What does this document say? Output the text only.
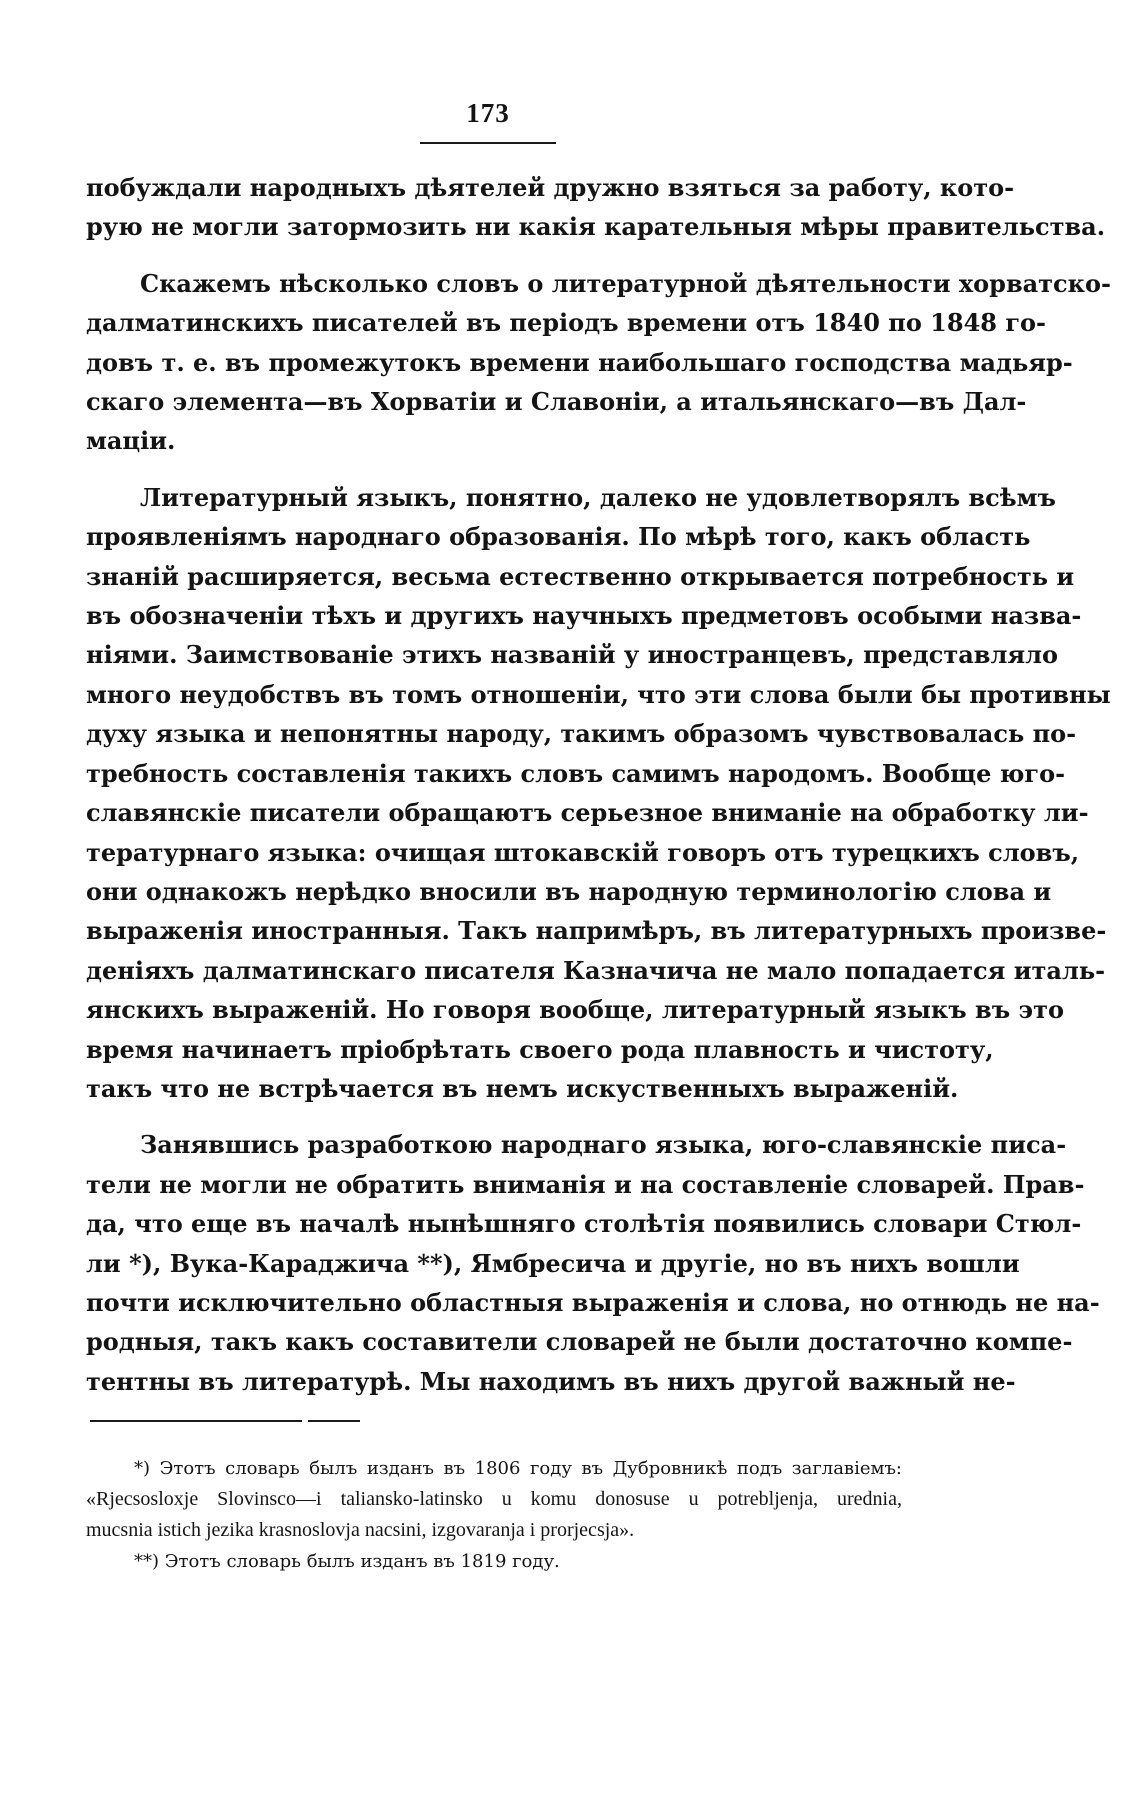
173

побуждали народныхъ дѣятелей дружно взяться за работу, кото-
рую не могли затормозить ни какія карательныя мѣры правительства.

Скажемъ нѣсколько словъ о литературной дѣятельности хорватско-
далматинскихъ писателей въ періодъ времени отъ 1840 по 1848 го-
довъ т. е. въ промежутокъ времени наибольшаго господства мадьяр-
скаго элемента—въ Хорватіи и Славоніи, а итальянскаго—въ Дал-
маціи.

Литературный языкъ, понятно, далеко не удовлетворялъ всѣмъ
проявленіямъ народнаго образованія. По мѣрѣ того, какъ область
знаній расширяется, весьма естественно открывается потребность и
въ обозначеніи тѣхъ и другихъ научныхъ предметовъ особыми назва-
ніями. Заимствованіе этихъ названій у иностранцевъ, представляло
много неудобствъ въ томъ отношеніи, что эти слова были бы противны
духу языка и непонятны народу, такимъ образомъ чувствовалась по-
требность составленія такихъ словъ самимъ народомъ. Вообще юго-
славянскіе писатели обращаютъ серьезное вниманіе на обработку ли-
тературнаго языка: очищая штокавскій говоръ отъ турецкихъ словъ,
они однакожъ нерѣдко вносили въ народную терминологію слова и
выраженія иностранныя. Такъ напримѣръ, въ литературныхъ произве-
деніяхъ далматинскаго писателя Казначича не мало попадается италь-
янскихъ выраженій. Но говоря вообще, литературный языкъ въ это
время начинаетъ пріобрѣтать своего рода плавность и чистоту,
такъ что не встрѣчается въ немъ искуственныхъ выраженій.

Занявшись разработкою народнаго языка, юго-славянскіе писа-
тели не могли не обратить вниманія и на составленіе словарей. Прав-
да, что еще въ началѣ нынѣшняго столѣтія появились словари Стюл-
ли *), Вука-Караджича **), Ямбресича и другіе, но въ нихъ вошли
почти исключительно областныя выраженія и слова, но отнюдь не на-
родныя, такъ какъ составители словарей не были достаточно компе-
тентны въ литературѣ. Мы находимъ въ нихъ другой важный не-

*) Этотъ словарь былъ изданъ въ 1806 году въ Дубровникѣ подъ заглавіемъ:
«Rjecsosloxje Slovinsco—i taliansko-latinsko u komu donosuse u potrebljenja, urednia,
mucsnia istich jezika krasnoslovja nacsini, izgovaranja i prorjecsja».
**) Этотъ словарь былъ изданъ въ 1819 году.
